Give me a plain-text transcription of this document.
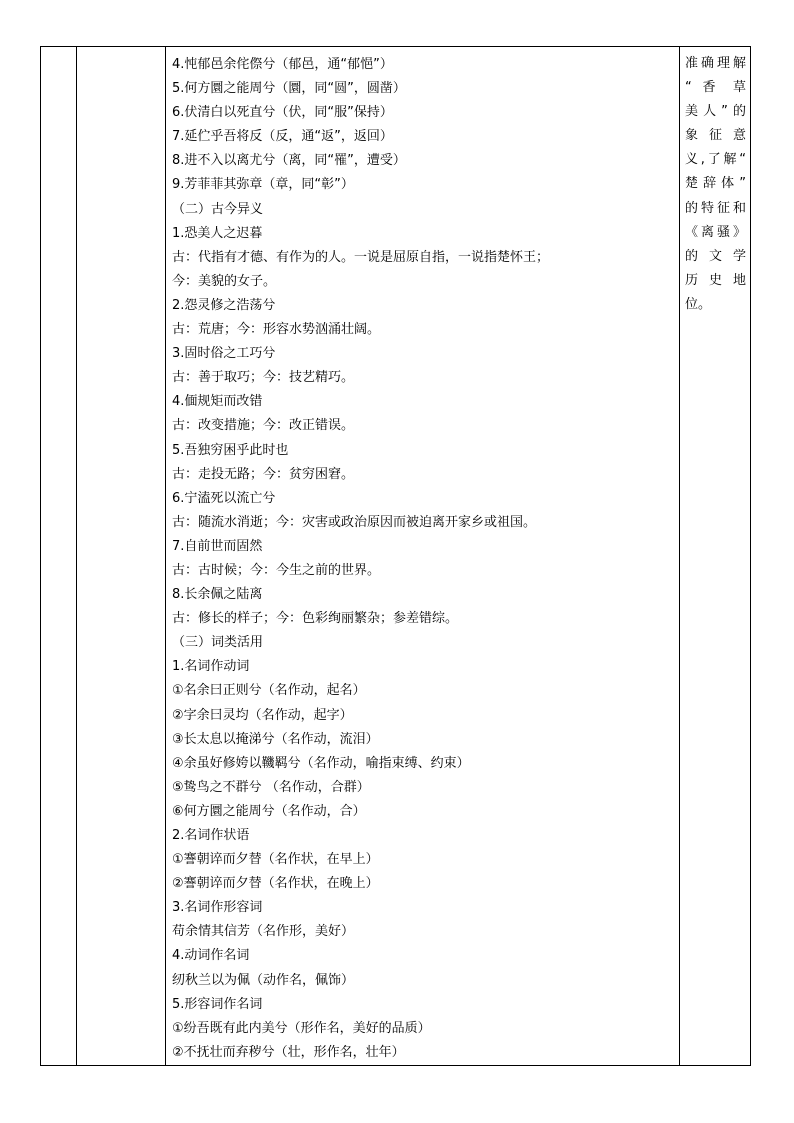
4.忳郁邑余侘傺兮（郁邑，通“郁悒”）
5.何方圜之能周兮（圜，同“圆”，圆凿）
6.伏清白以死直兮（伏，同“服”保持）
7.延伫乎吾将反（反，通“返”，返回）
8.进不入以离尤兮（离，同“罹”，遭受）
9.芳菲菲其弥章（章，同“彰”）
（二）古今异义
1.恐美人之迟暮
古：代指有才德、有作为的人。一说是屈原自指，一说指楚怀王；
今：美貌的女子。
2.怨灵修之浩荡兮
古：荒唐；今：形容水势汹涌壮阔。
3.固时俗之工巧兮
古：善于取巧；今：技艺精巧。
4.偭规矩而改错
古：改变措施；今：改正错误。
5.吾独穷困乎此时也
古：走投无路；今：贫穷困窘。
6.宁溘死以流亡兮
古：随流水消逝；今：灾害或政治原因而被迫离开家乡或祖国。
7.自前世而固然
古：古时候；今：今生之前的世界。
8.长余佩之陆离
古：修长的样子；今：色彩绚丽繁杂；参差错综。
（三）词类活用
1.名词作动词
①名余曰正则兮（名作动，起名）
②字余曰灵均（名作动，起字）
③长太息以掩涕兮（名作动，流泪）
④余虽好修姱以鞿羁兮（名作动，喻指束缚、约束）
⑤鸷鸟之不群兮 （名作动，合群）
⑥何方圜之能周兮（名作动，合）
2.名词作状语
①謇朝谇而夕替（名作状，在早上）
②謇朝谇而夕替（名作状，在晚上）
3.名词作形容词
苟余情其信芳（名作形，美好）
4.动词作名词
纫秋兰以为佩（动作名，佩饰）
5.形容词作名词
①纷吾既有此内美兮（形作名，美好的品质）
②不抚壮而弃秽兮（壮，形作名，壮年）

准确理解
“ 香 草
美人”的
象 征 意
义,了解“
楚辞体”
的特征和
《离骚》
的 文 学
历 史 地
位。
